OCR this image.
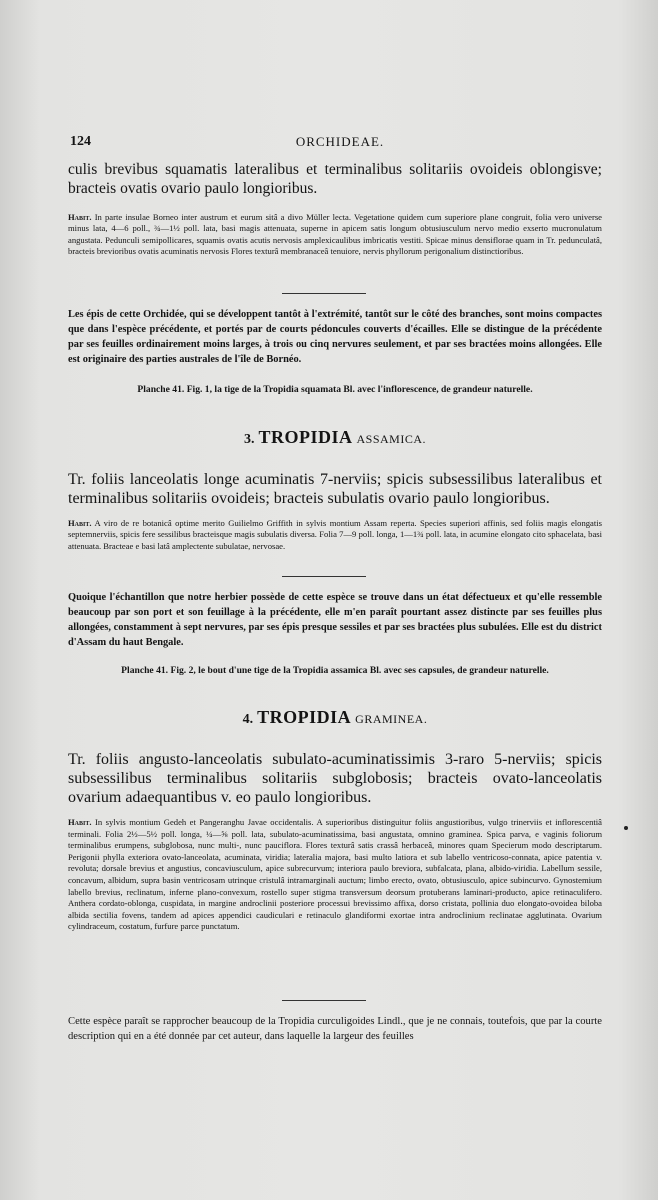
124	ORCHIDEAE.
culis brevibus squamatis lateralibus et terminalibus solitariis ovoideis oblongisve; bracteis ovatis ovario paulo longioribus.
Habit. In parte insulae Borneo inter austrum et eurum sitâ a divo Müller lecta. Vegetatione quidem cum superiore plane congruit, folia vero universe minus lata, 4—6 poll., ¾—1½ poll. lata, basi magis attenuata, superne in apicem satis longum obtusiusculum nervo medio exserto mucronulatum angustata. Pedunculi semipollicares, squamis ovatis acutis nervosis amplexicaulibus imbricatis vestiti. Spicae minus densiflorae quam in Tr. pedunculatâ, bracteis brevioribus ovatis acuminatis nervosis Flores texturâ membranaceâ tenuiore, nervis phyllorum perigonalium distinctioribus.
Les épis de cette Orchidée, qui se développent tantôt à l'extrémité, tantôt sur le côté des branches, sont moins compactes que dans l'espèce précédente, et portés par de courts pédoncules couverts d'écailles. Elle se distingue de la précédente par ses feuilles ordinairement moins larges, à trois ou cinq nervures seulement, et par ses bractées moins allongées. Elle est originaire des parties australes de l'île de Bornéo.
Planche 41. Fig. 1, la tige de la Tropidia squamata Bl. avec l'inflorescence, de grandeur naturelle.
3. TROPIDIA ASSAMICA.
Tr. foliis lanceolatis longe acuminatis 7-nerviis; spicis subsessilibus lateralibus et terminalibus solitariis ovoideis; bracteis subulatis ovario paulo longioribus.
Habit. A viro de re botanicâ optime merito Guilielmo Griffith in sylvis montium Assam reperta. Species superiori affinis, sed foliis magis elongatis septemnerviis, spicis fere sessilibus bracteisque magis subulatis diversa. Folia 7—9 poll. longa, 1—1¾ poll. lata, in acumine elongato cito sphacelata, basi attenuata. Bracteae e basi latâ amplectente subulatae, nervosae.
Quoique l'échantillon que notre herbier possède de cette espèce se trouve dans un état défectueux et qu'elle ressemble beaucoup par son port et son feuillage à la précédente, elle m'en paraît pourtant assez distincte par ses feuilles plus allongées, constamment à sept nervures, par ses épis presque sessiles et par ses bractées plus subulées. Elle est du district d'Assam du haut Bengale.
Planche 41. Fig. 2, le bout d'une tige de la Tropidia assamica Bl. avec ses capsules, de grandeur naturelle.
4. TROPIDIA GRAMINEA.
Tr. foliis angusto-lanceolatis subulato-acuminatissimis 3-raro 5-nerviis; spicis subsessilibus terminalibus solitariis subglobosis; bracteis ovato-lanceolatis ovarium adaequantibus v. eo paulo longioribus.
Habit. In sylvis montium Gedeh et Pangeranghu Javae occidentalis. A superioribus distinguitur foliis angustioribus, vulgo trinerviis et inflorescentiâ terminali. Folia 2½—5½ poll. longa, ¼—⅝ poll. lata, subulato-acuminatissima, basi angustata, omnino graminea. Spica parva, e vaginis foliorum terminalibus erumpens, subglobosa, nunc multi-, nunc pauciflora. Flores texturâ satis crassâ herbaceâ, minores quam Specierum modo descriptarum. Perigonii phylla exteriora ovato-lanceolata, acuminata, viridia; lateralia majora, basi multo latiora et sub labello ventricoso-connata, apice patentia v. revoluta; dorsale brevius et angustius, concaviusculum, apice subrecurvum; interiora paulo breviora, subfalcata, plana, albido-viridia. Labellum sessile, concavum, albidum, supra basin ventricosam utrinque cristulâ intramarginali auctum; limbo erecto, ovato, obtusiusculo, apice subincurvo. Gynostemium labello brevius, reclinatum, inferne plano-convexum, rostello super stigma transversum deorsum protuberans laminari-producto, apice retinaculifero. Anthera cordato-oblonga, cuspidata, in margine androclinii posteriore processui brevissimo affixa, dorso cristata, pollinia duo elongato-ovoidea biloba albida sectilia fovens, tandem ad apices appendici caudiculari e retinaculo glandiformi exortae intra androclinium reclinatae agglutinata. Ovarium cylindraceum, costatum, furfure parce punctatum.
Cette espèce paraît se rapprocher beaucoup de la Tropidia curculigoides Lindl., que je ne connais, toutefois, que par la courte description qui en a été donnée par cet auteur, dans laquelle la largeur des feuilles
